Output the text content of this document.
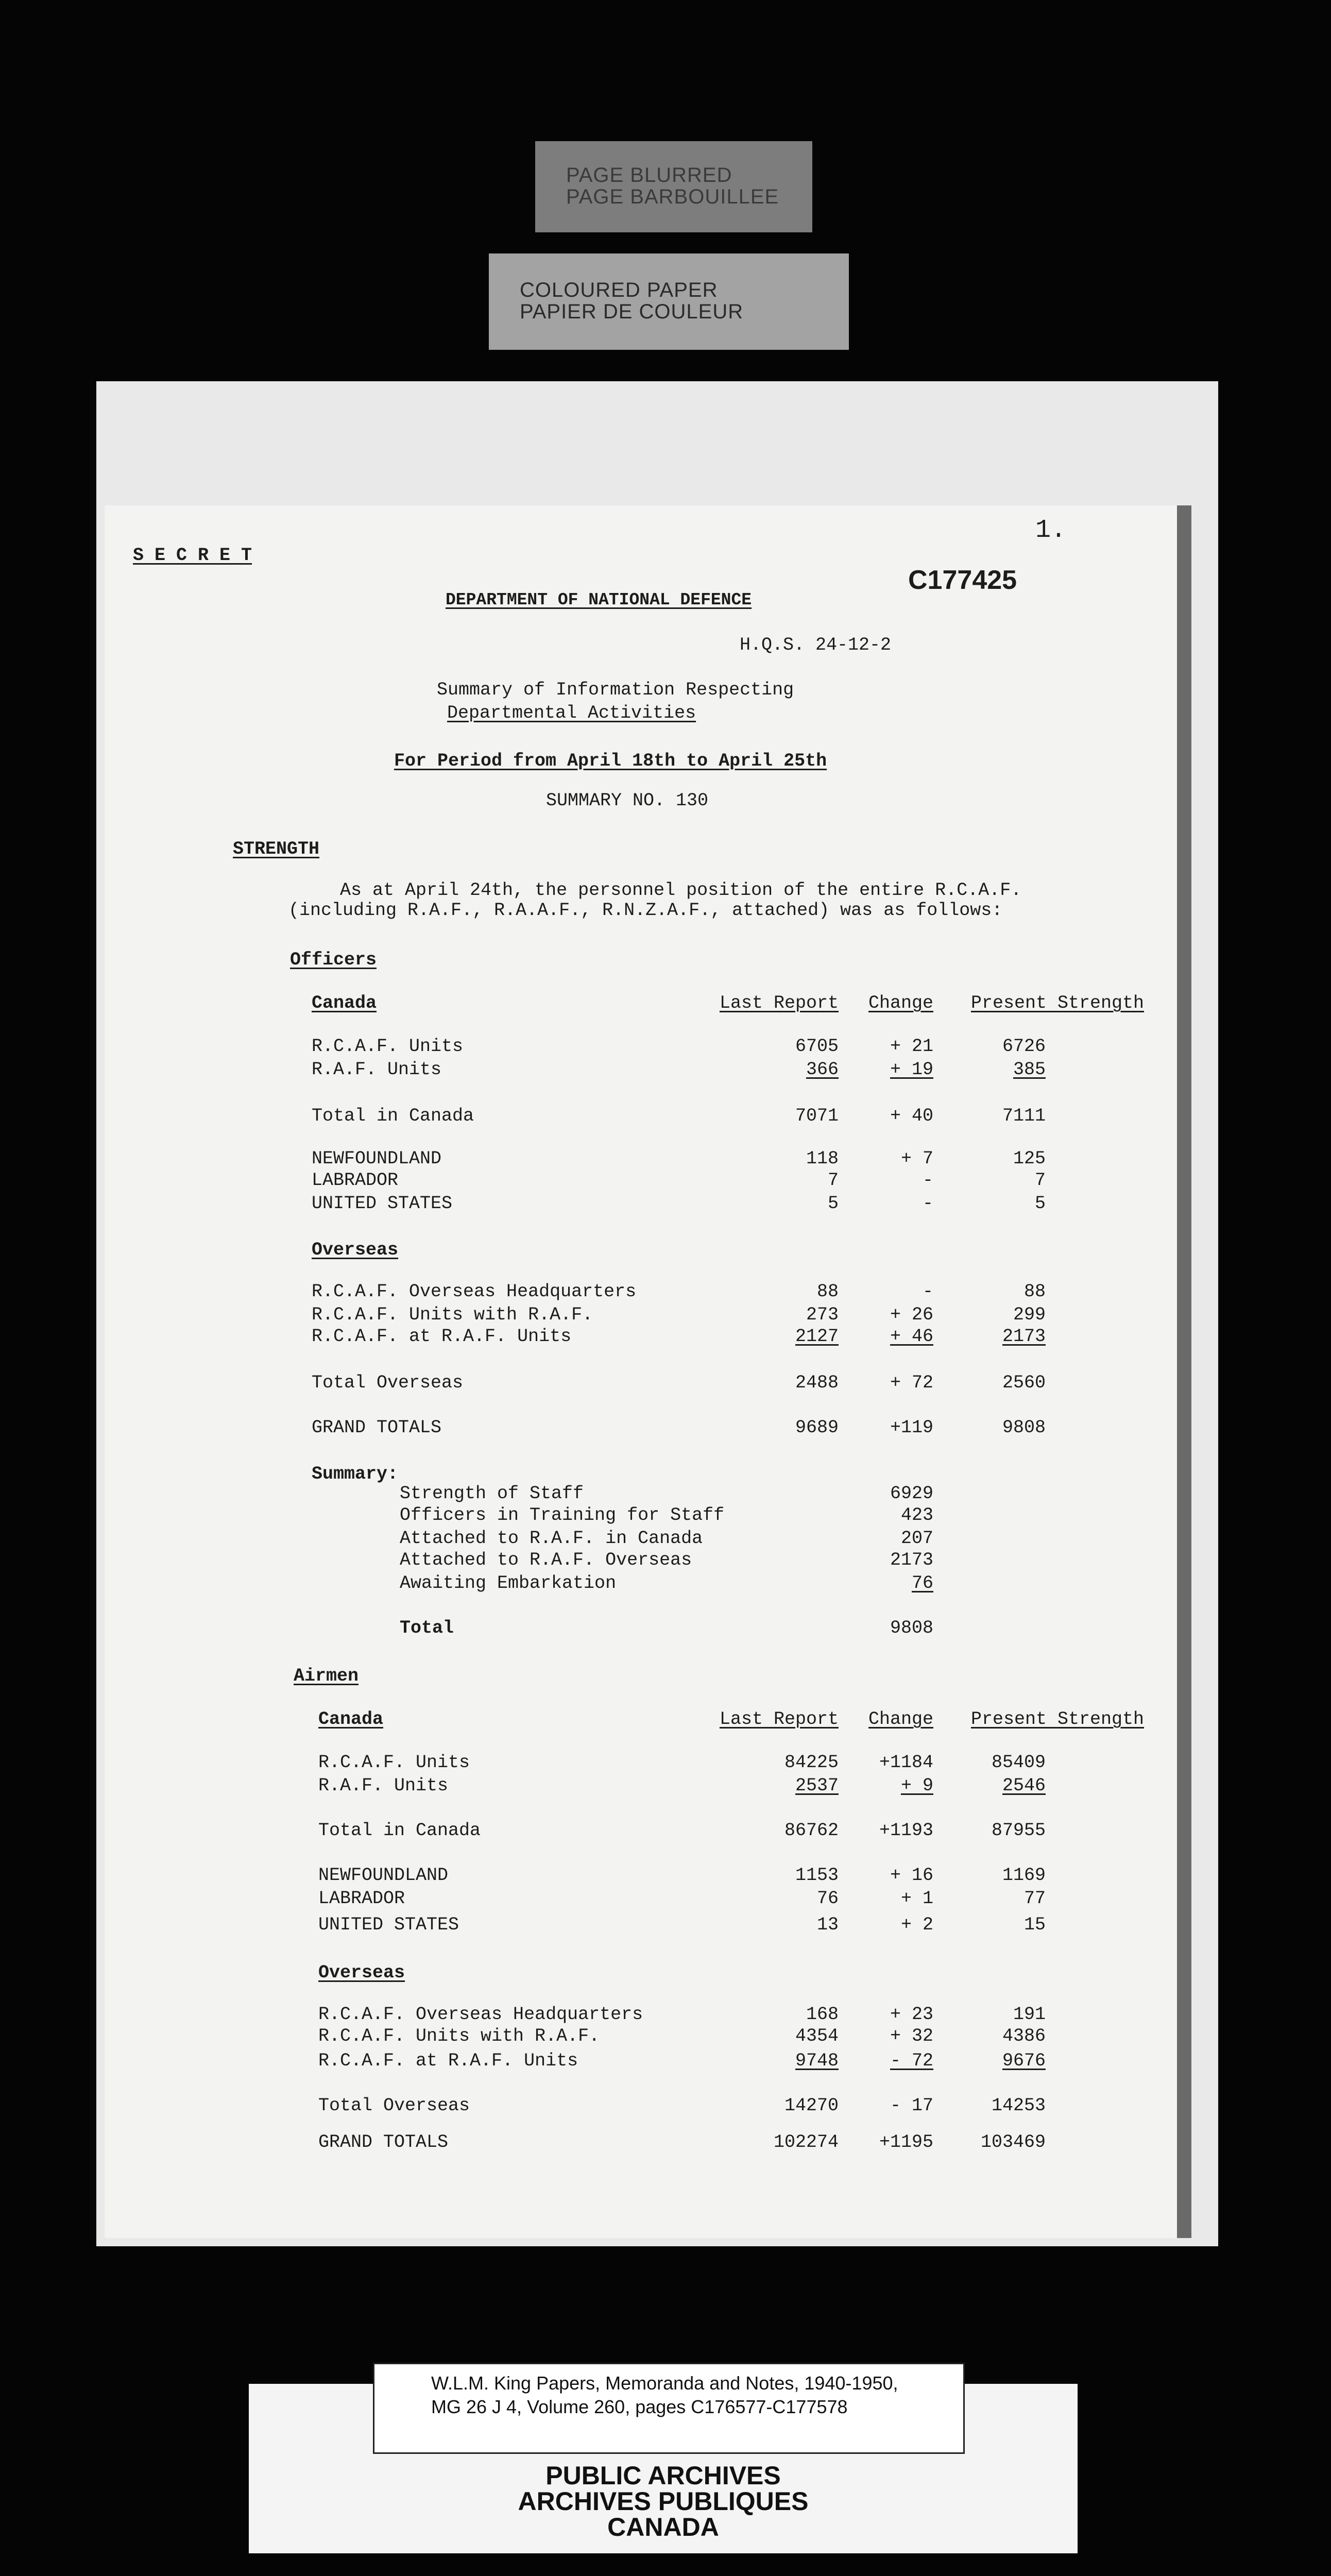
PAGE BLURRED
PAGE BARBOUILLEE
COLOURED PAPER
PAPIER DE COULEUR
S E C R E T
1.
C177425
DEPARTMENT OF NATIONAL DEFENCE
H.Q.S. 24-12-2
Summary of Information Respecting
Departmental Activities
For Period from April 18th to April 25th
SUMMARY NO. 130
STRENGTH
As at April 24th, the personnel position of the entire R.C.A.F.
(including R.A.F., R.A.A.F., R.N.Z.A.F., attached) was as follows:
Officers
Airmen
Canada	Last Report	Change Present Strength
R.C.A.F. Units	6705	+ 21	6726
R.A.F. Units	366	+ 19	385
Total in Canada	7071	+ 40	7111
NEWFOUNDLAND	118	+ 7	125
LABRADOR	7	-	7
UNITED STATES	5	-	5
Overseas
R.C.A.F. Overseas Headquarters	88	-	88
R.C.A.F. Units with R.A.F.	273	+ 26	299
R.C.A.F. at R.A.F. Units	2127	+ 46	2173
Total Overseas	2488	+ 72	2560
GRAND TOTALS	9689	+119	9808
Canada	Last Report	Change Present Strength
R.C.A.F. Units	84225	+1184	85409
R.A.F. Units	2537	+ 9	2546
Total in Canada	86762	+1193	87955
NEWFOUNDLAND	1153	+ 16	1169
LABRADOR	76	+ 1	77
UNITED STATES	13	+ 2	15
Overseas
R.C.A.F. Overseas Headquarters	168	+ 23	191
R.C.A.F. Units with R.A.F.	4354	+ 32	4386
R.C.A.F. at R.A.F. Units	9748	- 72	9676
Total Overseas	14270	- 17	14253
GRAND TOTALS	102274	+1195	103469
Summary:
Strength of Staff	6929
Officers in Training for Staff	423
Attached to R.A.F. in Canada	207
Attached to R.A.F. Overseas	2173
Awaiting Embarkation	76
Total	9808
W.L.M. King Papers, Memoranda and Notes, 1940-1950,
MG 26 J 4, Volume 260, pages C176577-C177578
PUBLIC ARCHIVES
ARCHIVES PUBLIQUES
CANADA
